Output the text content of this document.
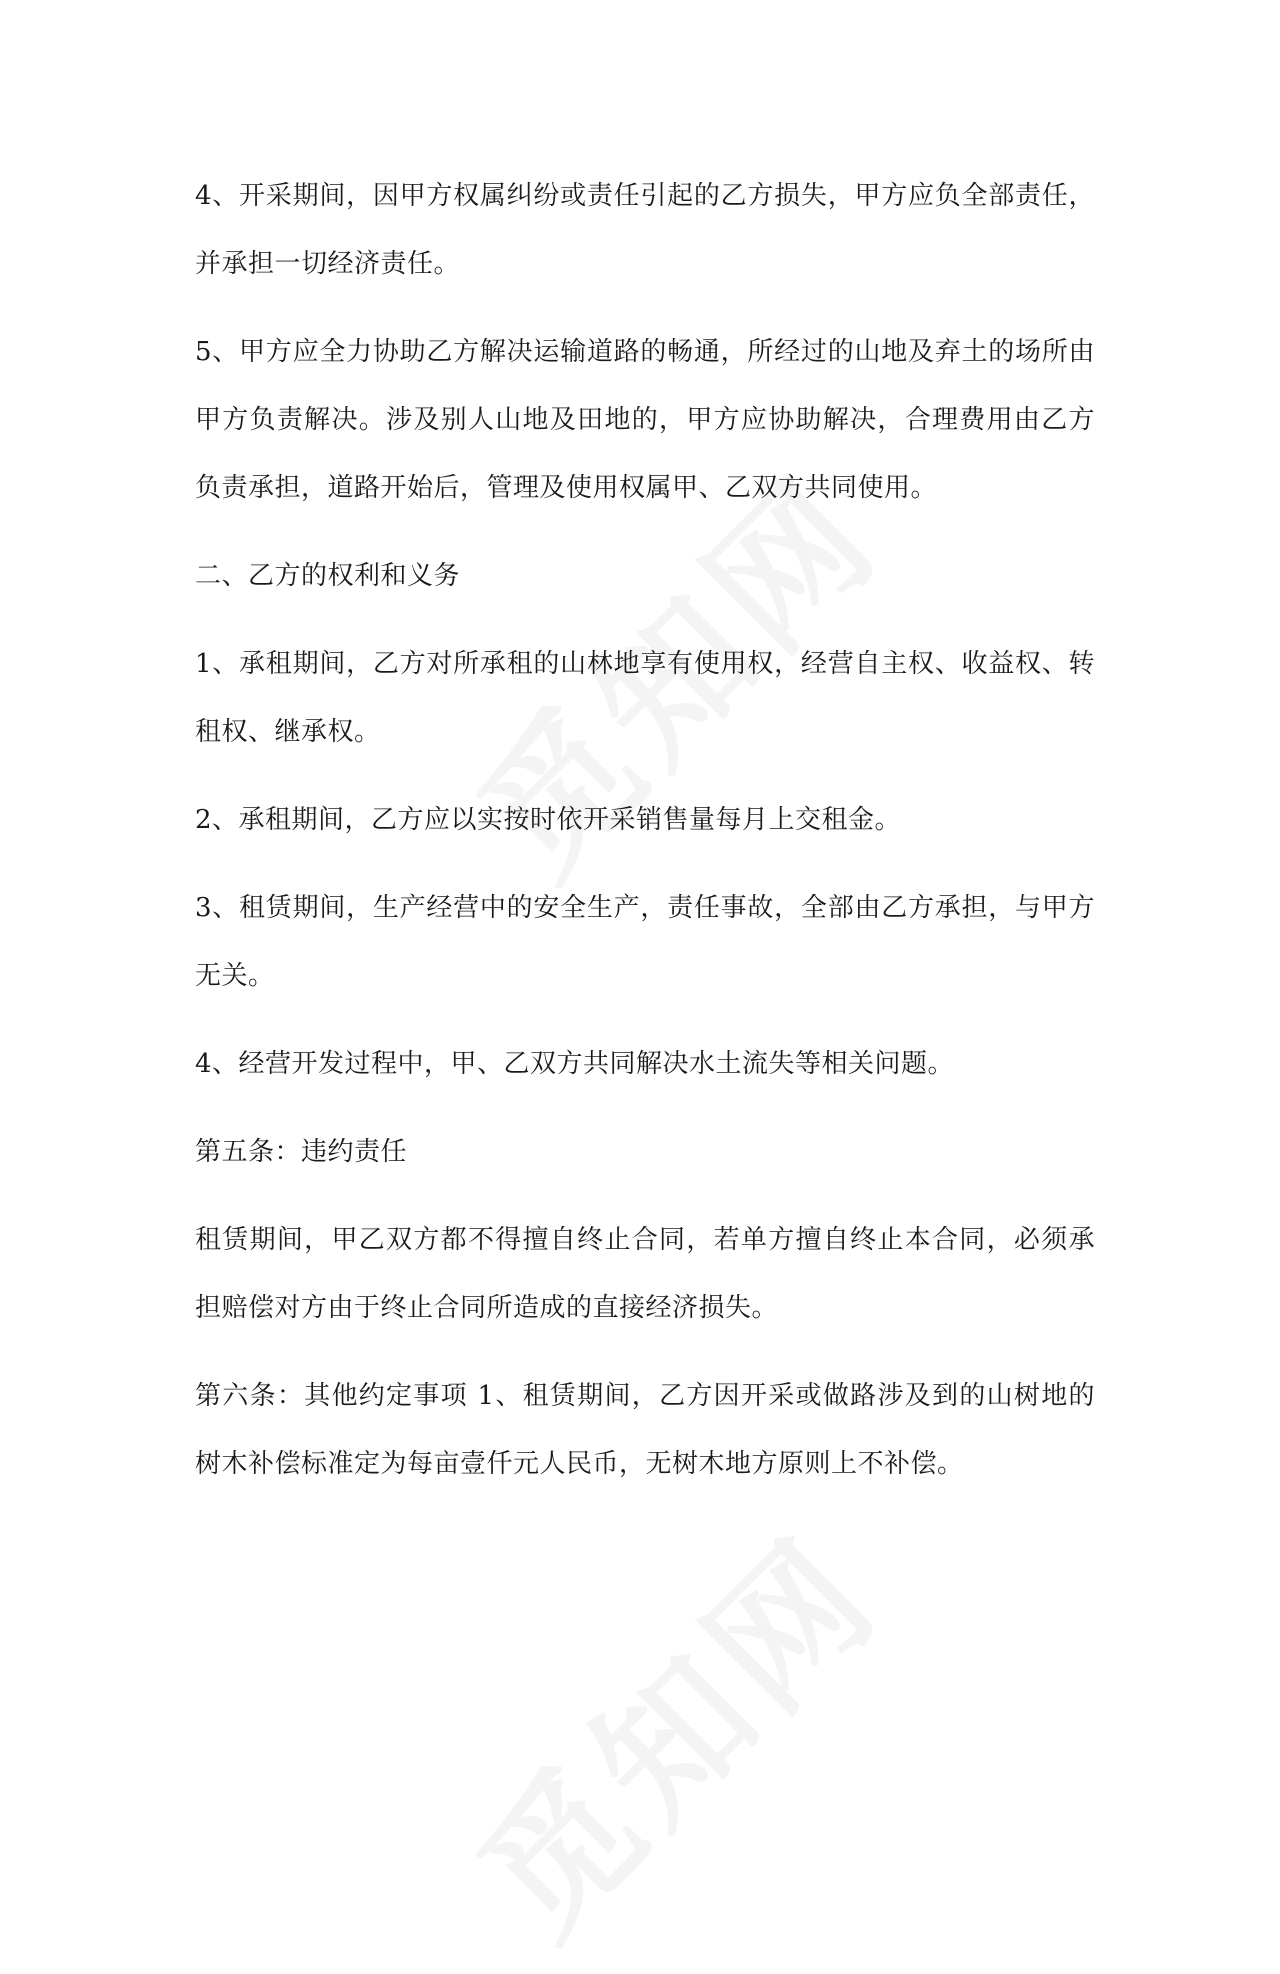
4、开采期间，因甲方权属纠纷或责任引起的乙方损失，甲方应负全部责任，并承担一切经济责任。

5、甲方应全力协助乙方解决运输道路的畅通，所经过的山地及弃土的场所由甲方负责解决。涉及别人山地及田地的，甲方应协助解决，合理费用由乙方负责承担，道路开始后，管理及使用权属甲、乙双方共同使用。

二、乙方的权利和义务

1、承租期间，乙方对所承租的山林地享有使用权，经营自主权、收益权、转租权、继承权。

2、承租期间，乙方应以实按时依开采销售量每月上交租金。

3、租赁期间，生产经营中的安全生产，责任事故，全部由乙方承担，与甲方无关。

4、经营开发过程中，甲、乙双方共同解决水土流失等相关问题。

第五条：违约责任

租赁期间，甲乙双方都不得擅自终止合同，若单方擅自终止本合同，必须承担赔偿对方由于终止合同所造成的直接经济损失。

第六条：其他约定事项 1、租赁期间，乙方因开采或做路涉及到的山树地的树木补偿标准定为每亩壹仟元人民币，无树木地方原则上不补偿。
